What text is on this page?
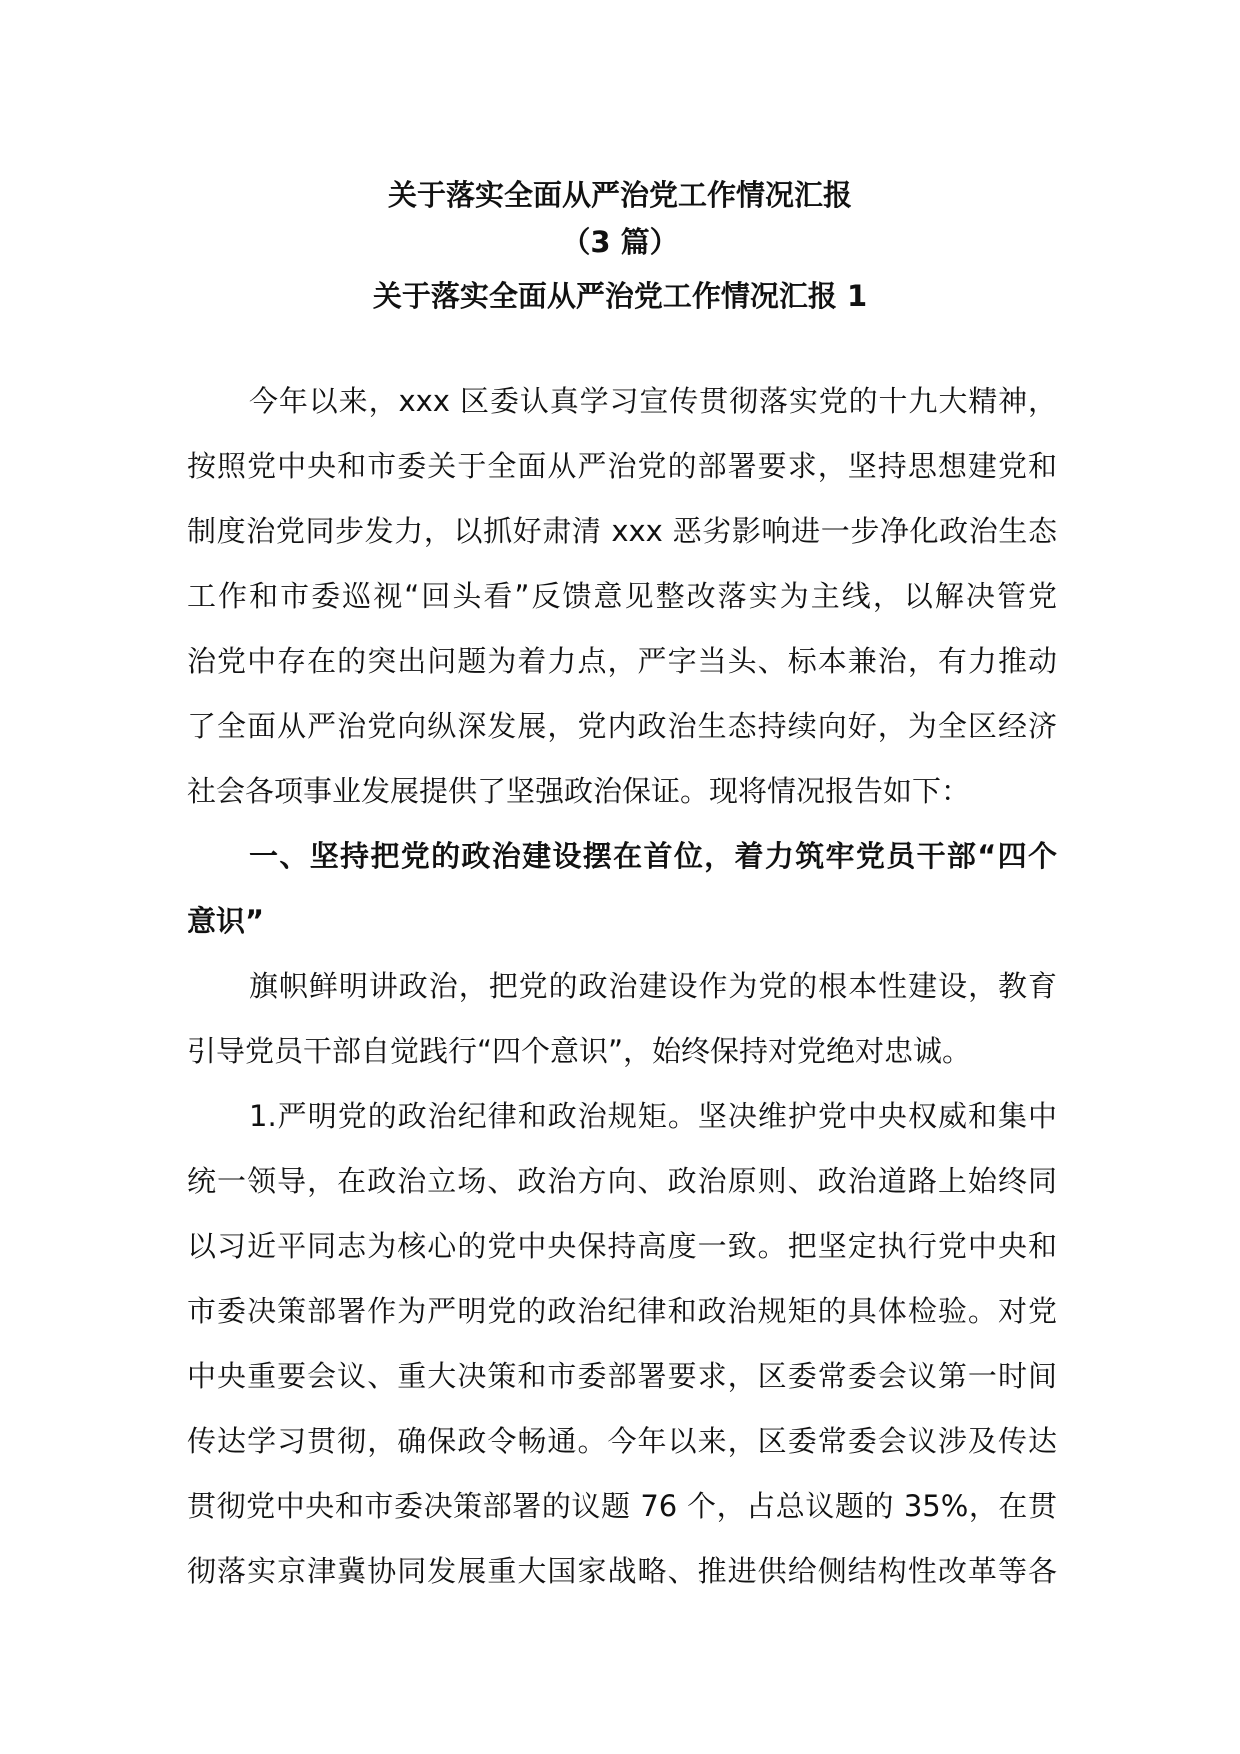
关于落实全面从严治党工作情况汇报
（3 篇）
关于落实全面从严治党工作情况汇报 1
今年以来，xxx 区委认真学习宣传贯彻落实党的十九大精神，
按照党中央和市委关于全面从严治党的部署要求，坚持思想建党和
制度治党同步发力，以抓好肃清 xxx 恶劣影响进一步净化政治生态
工作和市委巡视“回头看”反馈意见整改落实为主线，以解决管党
治党中存在的突出问题为着力点，严字当头、标本兼治，有力推动
了全面从严治党向纵深发展，党内政治生态持续向好，为全区经济
社会各项事业发展提供了坚强政治保证。现将情况报告如下：
一、坚持把党的政治建设摆在首位，着力筑牢党员干部“四个
意识”
旗帜鲜明讲政治，把党的政治建设作为党的根本性建设，教育
引导党员干部自觉践行“四个意识”，始终保持对党绝对忠诚。
1.严明党的政治纪律和政治规矩。坚决维护党中央权威和集中
统一领导，在政治立场、政治方向、政治原则、政治道路上始终同
以习近平同志为核心的党中央保持高度一致。把坚定执行党中央和
市委决策部署作为严明党的政治纪律和政治规矩的具体检验。对党
中央重要会议、重大决策和市委部署要求，区委常委会议第一时间
传达学习贯彻，确保政令畅通。今年以来，区委常委会议涉及传达
贯彻党中央和市委决策部署的议题 76 个，占总议题的 35%，在贯
彻落实京津冀协同发展重大国家战略、推进供给侧结构性改革等各
